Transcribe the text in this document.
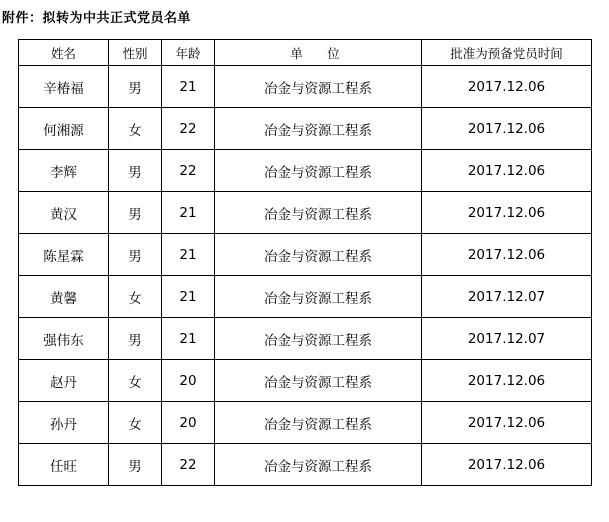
附件：拟转为中共正式党员名单
姓名	性别	年龄	单　位	批准为预备党员时间
辛椿福	男	21	冶金与资源工程系	2017.12.06
何湘源	女	22	冶金与资源工程系	2017.12.06
李辉	男	22	冶金与资源工程系	2017.12.06
黄汉	男	21	冶金与资源工程系	2017.12.06
陈星霖	男	21	冶金与资源工程系	2017.12.06
黄馨	女	21	冶金与资源工程系	2017.12.07
强伟东	男	21	冶金与资源工程系	2017.12.07
赵丹	女	20	冶金与资源工程系	2017.12.06
孙丹	女	20	冶金与资源工程系	2017.12.06
任旺	男	22	冶金与资源工程系	2017.12.06
